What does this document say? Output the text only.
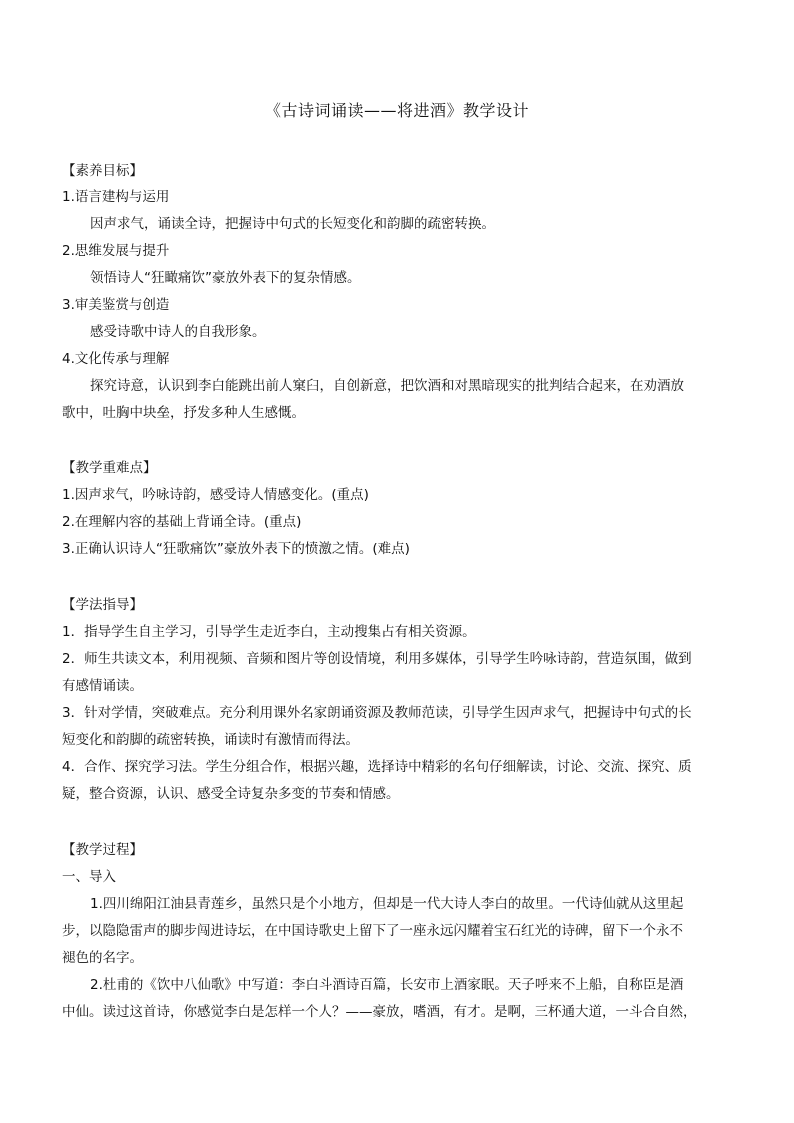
《古诗词诵读——将进酒》教学设计
【素养目标】
1.语言建构与运用
因声求气，诵读全诗，把握诗中句式的长短变化和韵脚的疏密转换。
2.思维发展与提升
领悟诗人“狂瞰痛饮”豪放外表下的复杂情感。
3.审美鉴赏与创造
感受诗歌中诗人的自我形象。
4.文化传承与理解
探究诗意，认识到李白能跳出前人窠臼，自创新意，把饮酒和对黑暗现实的批判结合起来，在劝酒放
歌中，吐胸中块垒，抒发多种人生感慨。
【教学重难点】
1.因声求气，吟咏诗韵，感受诗人情感变化。(重点)
2.在理解内容的基础上背诵全诗。(重点)
3.正确认识诗人“狂歌痛饮”豪放外表下的愤激之情。(难点)
【学法指导】
1．指导学生自主学习，引导学生走近李白，主动搜集占有相关资源。
2．师生共读文本，利用视频、音频和图片等创设情境，利用多媒体，引导学生吟咏诗韵，营造氛围，做到
有感情诵读。
3．针对学情，突破难点。充分利用课外名家朗诵资源及教师范读，引导学生因声求气，把握诗中句式的长
短变化和韵脚的疏密转换，诵读时有激情而得法。
4．合作、探究学习法。学生分组合作，根据兴趣，选择诗中精彩的名句仔细解读，讨论、交流、探究、质
疑，整合资源，认识、感受全诗复杂多变的节奏和情感。
【教学过程】
一、导入
1.四川绵阳江油县青莲乡，虽然只是个小地方，但却是一代大诗人李白的故里。一代诗仙就从这里起
步，以隐隐雷声的脚步闯进诗坛，在中国诗歌史上留下了一座永远闪耀着宝石红光的诗碑，留下一个永不
褪色的名字。
2.杜甫的《饮中八仙歌》中写道：李白斗酒诗百篇，长安市上酒家眠。天子呼来不上船，自称臣是酒
中仙。读过这首诗，你感觉李白是怎样一个人？——豪放，嗜酒，有才。是啊，三杯通大道，一斗合自然，
